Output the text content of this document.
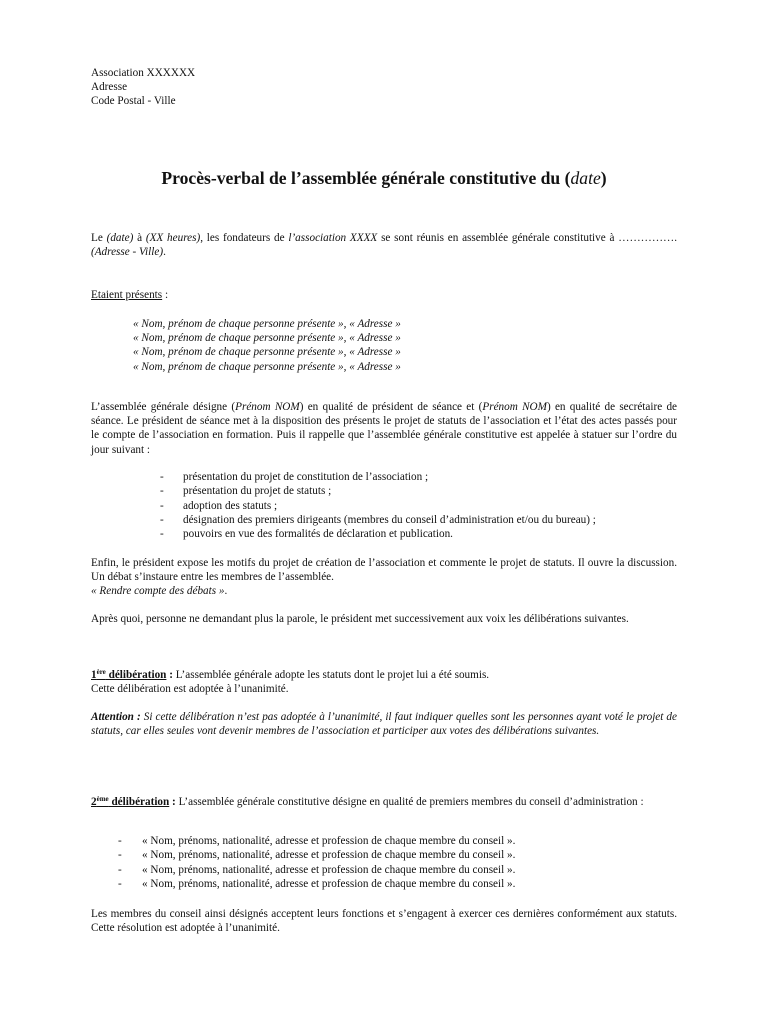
Association XXXXXX
Adresse
Code Postal - Ville
Procès-verbal de l’assemblée générale constitutive du (date)
Le (date) à (XX heures), les fondateurs de l’association XXXX se sont réunis en assemblée générale constitutive à ……………. (Adresse - Ville).
Etaient présents :
« Nom, prénom de chaque personne présente », « Adresse »
« Nom, prénom de chaque personne présente », « Adresse »
« Nom, prénom de chaque personne présente », « Adresse »
« Nom, prénom de chaque personne présente », « Adresse »
L’assemblée générale désigne (Prénom NOM) en qualité de président de séance et (Prénom NOM) en qualité de secrétaire de séance. Le président de séance met à la disposition des présents le projet de statuts de l’association et l’état des actes passés pour le compte de l’association en formation. Puis il rappelle que l’assemblée générale constitutive est appelée à statuer sur l’ordre du jour suivant :
- présentation du projet de constitution de l’association ;
- présentation du projet de statuts ;
- adoption des statuts ;
- désignation des premiers dirigeants (membres du conseil d’administration et/ou du bureau) ;
- pouvoirs en vue des formalités de déclaration et publication.
Enfin, le président expose les motifs du projet de création de l’association et commente le projet de statuts. Il ouvre la discussion. Un débat s’instaure entre les membres de l’assemblée.
« Rendre compte des débats ».
Après quoi, personne ne demandant plus la parole, le président met successivement aux voix les délibérations suivantes.
1ère délibération : L’assemblée générale adopte les statuts dont le projet lui a été soumis.
Cette délibération est adoptée à l’unanimité.
Attention : Si cette délibération n’est pas adoptée à l’unanimité, il faut indiquer quelles sont les personnes ayant voté le projet de statuts, car elles seules vont devenir membres de l’association et participer aux votes des délibérations suivantes.
2ème délibération : L’assemblée générale constitutive désigne en qualité de premiers membres du conseil d’administration :
- « Nom, prénoms, nationalité, adresse et profession de chaque membre du conseil ».
- « Nom, prénoms, nationalité, adresse et profession de chaque membre du conseil ».
- « Nom, prénoms, nationalité, adresse et profession de chaque membre du conseil ».
- « Nom, prénoms, nationalité, adresse et profession de chaque membre du conseil ».
Les membres du conseil ainsi désignés acceptent leurs fonctions et s’engagent à exercer ces dernières conformément aux statuts. Cette résolution est adoptée à l’unanimité.
